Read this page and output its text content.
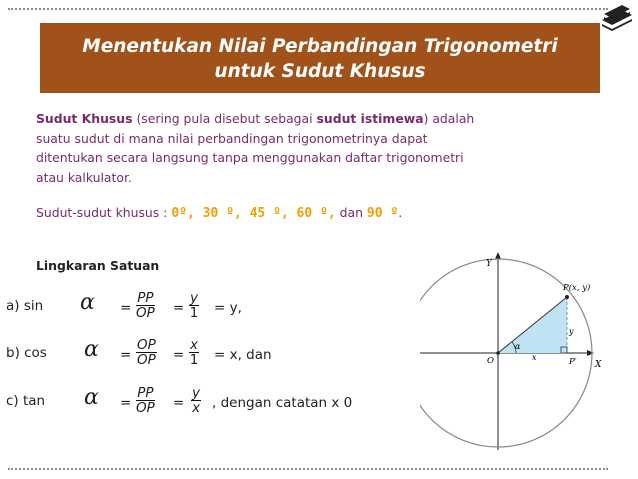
Menentukan Nilai Perbandingan Trigonometri
untuk Sudut Khusus
Sudut Khusus (sering pula disebut sebagai sudut istimewa) adalah
suatu sudut di mana nilai perbandingan trigonometrinya dapat
ditentukan secara langsung tanpa menggunakan daftar trigonometri
atau kalkulator.
Sudut-sudut khusus : 0º, 30 º, 45 º, 60 º, dan 90 º.
Lingkaran Satuan
a) $\sin \alpha = \frac{PP}{OP} = \frac{y}{1} = y$,
b) $\cos \alpha = \frac{OP}{OP} = \frac{x}{1} = x$, dan
c) $\tan \alpha = \frac{PP}{OP} = \frac{y}{x}$ , dengan catatan x 0
Y
X
P(x, y)
O	P′
y
x
α
